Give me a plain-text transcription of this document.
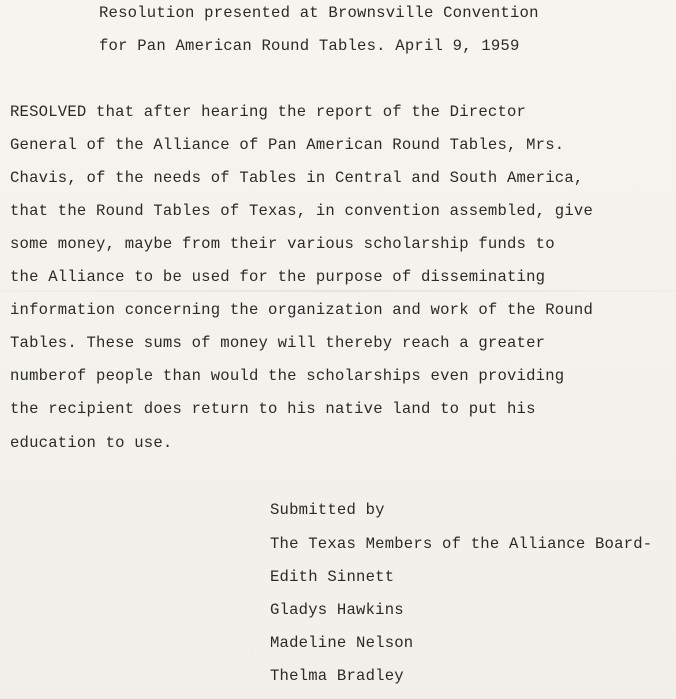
Resolution presented at Brownsville Convention
for Pan American Round Tables. April 9, 1959
RESOLVED that after hearing the report of the Director
General of the Alliance of Pan American Round Tables, Mrs.
Chavis, of the needs of Tables in Central and South America,
that the Round Tables of Texas, in convention assembled, give
some money, maybe from their various scholarship funds to
the Alliance to be used for the purpose of disseminating
information concerning the organization and work of the Round
Tables. These sums of money will thereby reach a greater
numberof people than would the scholarships even providing
the recipient does return to his native land to put his
education to use.
Submitted by
The Texas Members of the Alliance Board-
Edith Sinnett
Gladys Hawkins
Madeline Nelson
Thelma Bradley
